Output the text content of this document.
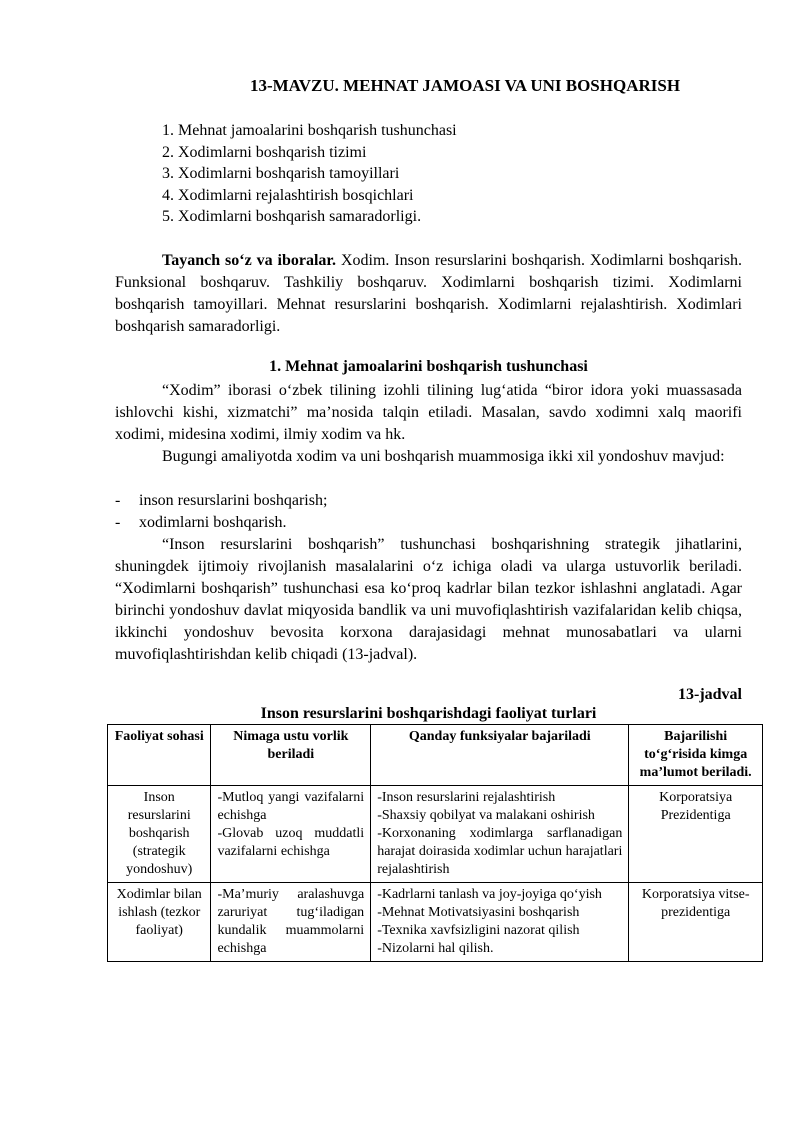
13-MAVZU. MEHNAT JAMOASI VA UNI BOSHQARISH
1. Mehnat jamoalarini boshqarish tushunchasi
2. Xodimlarni boshqarish tizimi
3. Xodimlarni boshqarish tamoyillari
4. Xodimlarni rejalashtirish bosqichlari
5. Xodimlarni boshqarish samaradorligi.

Tayanch so‘z va iboralar. Xodim. Inson resurslarini boshqarish. Xodimlarni boshqarish. Funksional boshqaruv. Tashkiliy boshqaruv. Xodimlarni boshqarish tizimi. Xodimlarni boshqarish tamoyillari. Mehnat resurslarini boshqarish. Xodimlarni rejalashtirish. Xodimlari boshqarish samaradorligi.

1. Mehnat jamoalarini boshqarish tushunchasi

“Xodim” iborasi o‘zbek tilining izohli tilining lug‘atida “biror idora yoki muassasada ishlovchi kishi, xizmatchi” ma’nosida talqin etiladi. Masalan, savdo xodimni xalq maorifi xodimi, midesina xodimi, ilmiy xodim va hk.

Bugungi amaliyotda xodim va uni boshqarish muammosiga ikki xil yondoshuv mavjud:

-	inson resurslarini boshqarish;
-	xodimlarni boshqarish.

“Inson resurslarini boshqarish” tushunchasi boshqarishning strategik jihatlarini, shuningdek ijtimoiy rivojlanish masalalarini o‘z ichiga oladi va ularga ustuvorlik beriladi. “Xodimlarni boshqarish” tushunchasi esa ko‘proq kadrlar bilan tezkor ishlashni anglatadi. Agar birinchi yondoshuv davlat miqyosida bandlik va uni muvofiqlashtirish vazifalaridan kelib chiqsa, ikkinchi yondoshuv bevosita korxona darajasidagi mehnat munosabatlari va ularni muvofiqlashtirishdan kelib chiqadi (13-jadval).

13-jadval

Inson resurslarini boshqarishdagi faoliyat turlari

Faoliyat sohasi	Nimaga ustu vorlik beriladi	Qanday funksiyalar bajariladi	Bajarilishi to‘g‘risida kimga ma’lumot beriladi.
Inson resurslarini boshqarish (strategik yondoshuv)	-Mutloq yangi vazifalarni echishga
-Glovab uzoq muddatli vazifalarni echishga	-Inson resurslarini rejalashtirish
-Shaxsiy qobilyat va malakani oshirish
-Korxonaning xodimlarga sarflanadigan harajat doirasida xodimlar uchun harajatlari rejalashtirish	Korporatsiya Prezidentiga
Xodimlar bilan ishlash (tezkor faoliyat)	-Ma’muriy aralashuvga zaruriyat tug‘iladigan kundalik muammolarni echishga	-Kadrlarni tanlash va joy-joyiga qo‘yish
-Mehnat Motivatsiyasini boshqarish
-Texnika xavfsizligini nazorat qilish
-Nizolarni hal qilish.	Korporatsiya vitse-prezidentiga
